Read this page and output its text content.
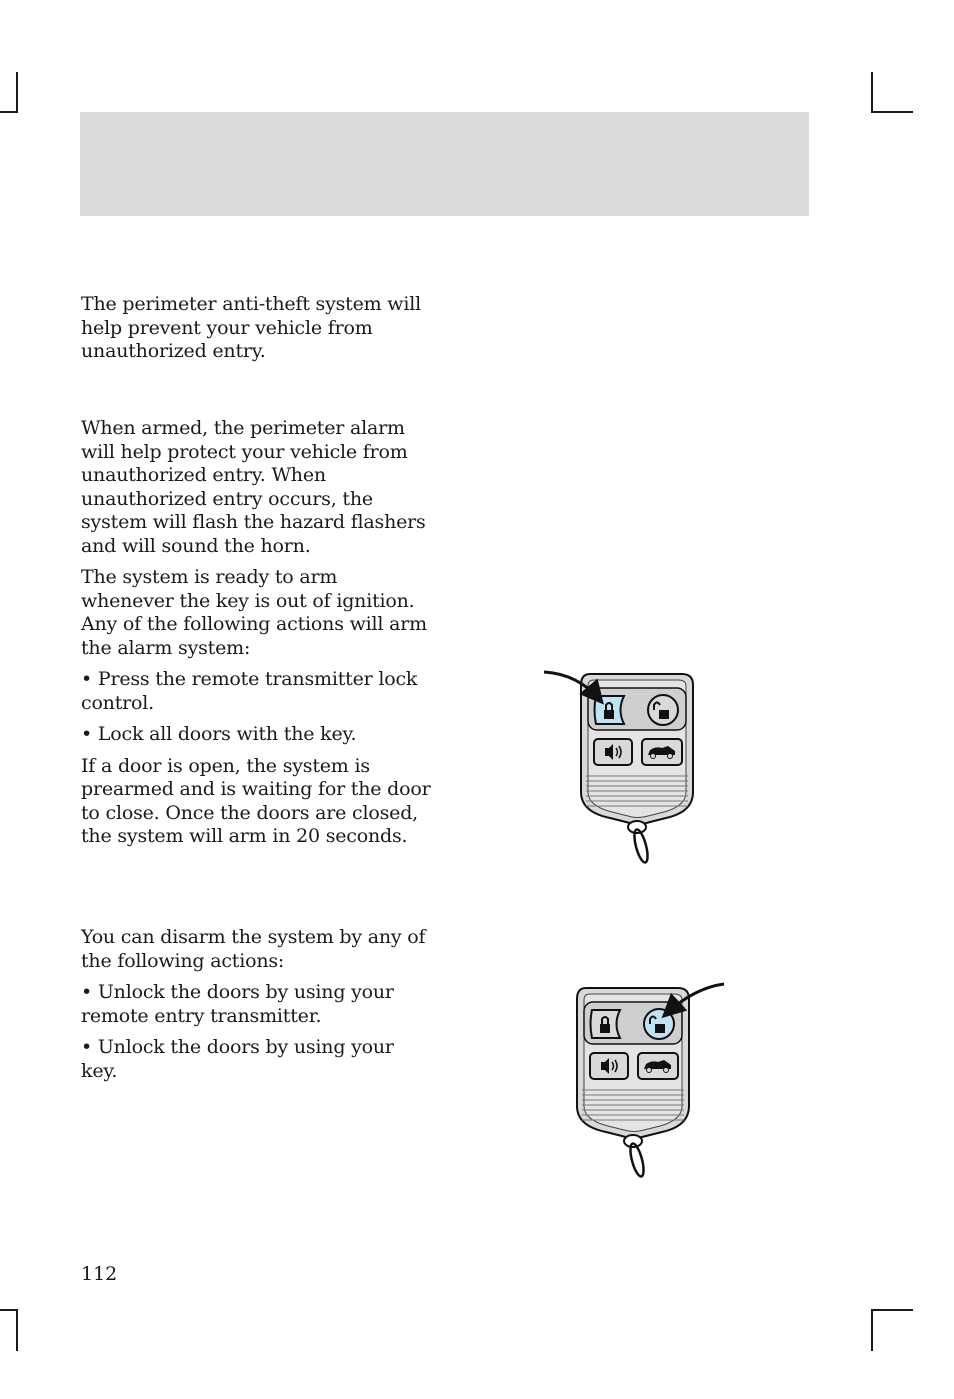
The perimeter anti-theft system will help prevent your vehicle from unauthorized entry.

When armed, the perimeter alarm will help protect your vehicle from unauthorized entry. When unauthorized entry occurs, the system will flash the hazard flashers and will sound the horn.

The system is ready to arm whenever the key is out of ignition. Any of the following actions will arm the alarm system:

• Press the remote transmitter lock control.

• Lock all doors with the key.

If a door is open, the system is prearmed and is waiting for the door to close. Once the doors are closed, the system will arm in 20 seconds.

You can disarm the system by any of the following actions:

• Unlock the doors by using your remote entry transmitter.

• Unlock the doors by using your key.

112
